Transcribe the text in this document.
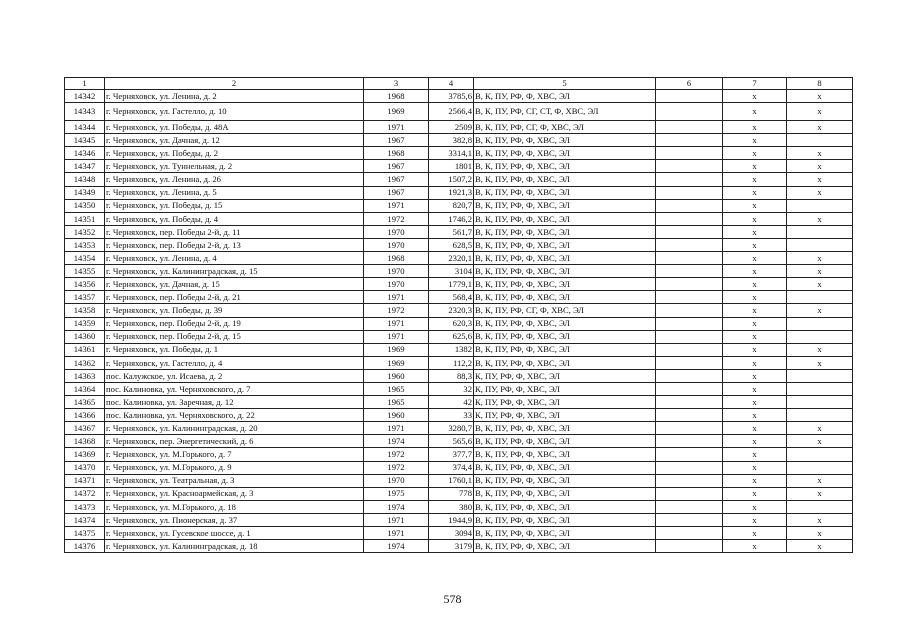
1	2	3	4	5	6	7	8
14342	г. Черняховск, ул. Ленина, д. 2	1968	3785,6	В, К, ПУ, РФ, Ф, ХВС, ЭЛ		х	х
14343	г. Черняховск, ул. Гастелло, д. 10	1969	2566,4	В, К, ПУ, РФ, СГ, СТ, Ф, ХВС, ЭЛ		х	х
14344	г. Черняховск, ул. Победы, д. 48А	1971	2509	В, К, ПУ, РФ, СГ, Ф, ХВС, ЭЛ		х	х
14345	г. Черняховск, ул. Дачная, д. 12	1967	382,8	В, К, ПУ, РФ, Ф, ХВС, ЭЛ		х	
14346	г. Черняховск, ул. Победы, д. 2	1968	3314,1	В, К, ПУ, РФ, Ф, ХВС, ЭЛ		х	х
14347	г. Черняховск, ул. Туннельная, д. 2	1967	1801	В, К, ПУ, РФ, Ф, ХВС, ЭЛ		х	х
14348	г. Черняховск, ул. Ленина, д. 26	1967	1507,2	В, К, ПУ, РФ, Ф, ХВС, ЭЛ		х	х
14349	г. Черняховск, ул. Ленина, д. 5	1967	1921,3	В, К, ПУ, РФ, Ф, ХВС, ЭЛ		х	х
14350	г. Черняховск, ул. Победы, д. 15	1971	820,7	В, К, ПУ, РФ, Ф, ХВС, ЭЛ		х	
14351	г. Черняховск, ул. Победы, д. 4	1972	1746,2	В, К, ПУ, РФ, Ф, ХВС, ЭЛ		х	х
14352	г. Черняховск, пер. Победы 2-й, д. 11	1970	561,7	В, К, ПУ, РФ, Ф, ХВС, ЭЛ		х	
14353	г. Черняховск, пер. Победы 2-й, д. 13	1970	628,5	В, К, ПУ, РФ, Ф, ХВС, ЭЛ		х	
14354	г. Черняховск, ул. Ленина, д. 4	1968	2320,1	В, К, ПУ, РФ, Ф, ХВС, ЭЛ		х	х
14355	г. Черняховск, ул. Калининградская, д. 15	1970	3104	В, К, ПУ, РФ, Ф, ХВС, ЭЛ		х	х
14356	г. Черняховск, ул. Дачная, д. 15	1970	1779,1	В, К, ПУ, РФ, Ф, ХВС, ЭЛ		х	х
14357	г. Черняховск, пер. Победы 2-й, д. 21	1971	568,4	В, К, ПУ, РФ, Ф, ХВС, ЭЛ		х	
14358	г. Черняховск, ул. Победы, д. 39	1972	2320,3	В, К, ПУ, РФ, СГ, Ф, ХВС, ЭЛ		х	х
14359	г. Черняховск, пер. Победы 2-й, д. 19	1971	620,3	В, К, ПУ, РФ, Ф, ХВС, ЭЛ		х	
14360	г. Черняховск, пер. Победы 2-й, д. 15	1971	625,6	В, К, ПУ, РФ, Ф, ХВС, ЭЛ		х	
14361	г. Черняховск, ул. Победы, д. 1	1969	1382	В, К, ПУ, РФ, Ф, ХВС, ЭЛ		х	х
14362	г. Черняховск, ул. Гастелло, д. 4	1969	112,2	В, К, ПУ, РФ, Ф, ХВС, ЭЛ		х	х
14363	пос. Калужское, ул. Исаева, д. 2	1960	88,3	К, ПУ, РФ, Ф, ХВС, ЭЛ		х	
14364	пос. Калиновка, ул. Черняховского, д. 7	1965	32	К, ПУ, РФ, Ф, ХВС, ЭЛ		х	
14365	пос. Калиновка, ул. Заречная, д. 12	1965	42	К, ПУ, РФ, Ф, ХВС, ЭЛ		х	
14366	пос. Калиновка, ул. Черняховского, д. 22	1960	33	К, ПУ, РФ, Ф, ХВС, ЭЛ		х	
14367	г. Черняховск, ул. Калининградская, д. 20	1971	3280,7	В, К, ПУ, РФ, Ф, ХВС, ЭЛ		х	х
14368	г. Черняховск, пер. Энергетический, д. 6	1974	565,6	В, К, ПУ, РФ, Ф, ХВС, ЭЛ		х	х
14369	г. Черняховск, ул. М.Горького, д. 7	1972	377,7	В, К, ПУ, РФ, Ф, ХВС, ЭЛ		х	
14370	г. Черняховск, ул. М.Горького, д. 9	1972	374,4	В, К, ПУ, РФ, Ф, ХВС, ЭЛ		х	
14371	г. Черняховск, ул. Театральная, д. 3	1970	1760,1	В, К, ПУ, РФ, Ф, ХВС, ЭЛ		х	х
14372	г. Черняховск, ул. Красноармейская, д. 3	1975	778	В, К, ПУ, РФ, Ф, ХВС, ЭЛ		х	х
14373	г. Черняховск, ул. М.Горького, д. 18	1974	380	В, К, ПУ, РФ, Ф, ХВС, ЭЛ		х	
14374	г. Черняховск, ул. Пионерская, д. 37	1971	1944,9	В, К, ПУ, РФ, Ф, ХВС, ЭЛ		х	х
14375	г. Черняховск, ул. Гусевское шоссе, д. 1	1971	3094	В, К, ПУ, РФ, Ф, ХВС, ЭЛ		х	х
14376	г. Черняховск, ул. Калининградская, д. 18	1974	3179	В, К, ПУ, РФ, Ф, ХВС, ЭЛ		х	х
578
